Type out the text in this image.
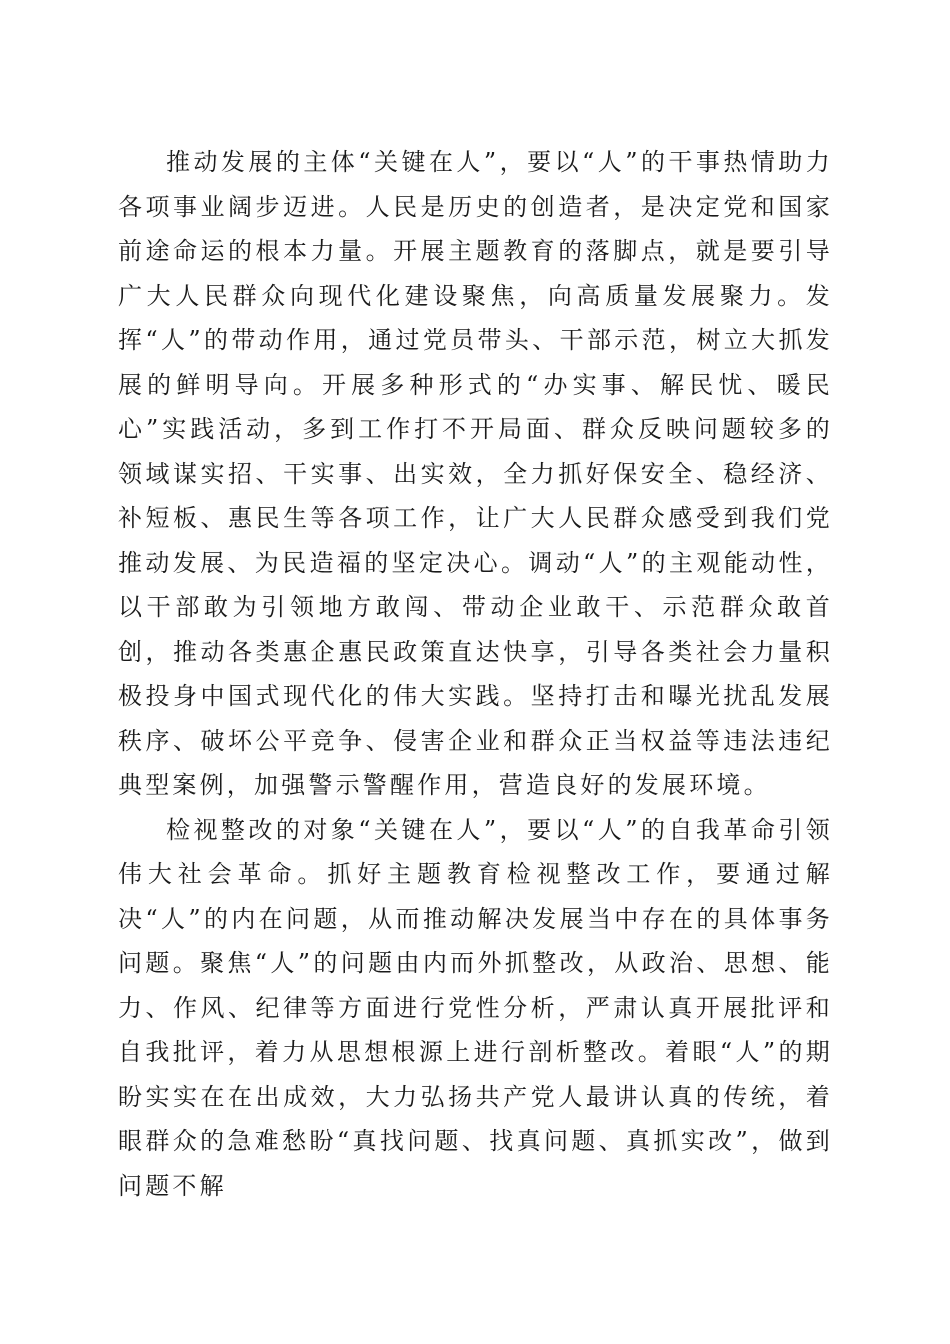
推动发展的主体“关键在人”，要以“人”的干事热情助力各项事业阔步迈进。人民是历史的创造者，是决定党和国家前途命运的根本力量。开展主题教育的落脚点，就是要引导广大人民群众向现代化建设聚焦，向高质量发展聚力。发挥“人”的带动作用，通过党员带头、干部示范，树立大抓发展的鲜明导向。开展多种形式的“办实事、解民忧、暖民心”实践活动，多到工作打不开局面、群众反映问题较多的领域谋实招、干实事、出实效，全力抓好保安全、稳经济、补短板、惠民生等各项工作，让广大人民群众感受到我们党推动发展、为民造福的坚定决心。调动“人”的主观能动性，以干部敢为引领地方敢闯、带动企业敢干、示范群众敢首创，推动各类惠企惠民政策直达快享，引导各类社会力量积极投身中国式现代化的伟大实践。坚持打击和曝光扰乱发展秩序、破坏公平竞争、侵害企业和群众正当权益等违法违纪典型案例，加强警示警醒作用，营造良好的发展环境。

检视整改的对象“关键在人”，要以“人”的自我革命引领伟大社会革命。抓好主题教育检视整改工作，要通过解决“人”的内在问题，从而推动解决发展当中存在的具体事务问题。聚焦“人”的问题由内而外抓整改，从政治、思想、能力、作风、纪律等方面进行党性分析，严肃认真开展批评和自我批评，着力从思想根源上进行剖析整改。着眼“人”的期盼实实在在出成效，大力弘扬共产党人最讲认真的传统，着眼群众的急难愁盼“真找问题、找真问题、真抓实改”，做到问题不解
